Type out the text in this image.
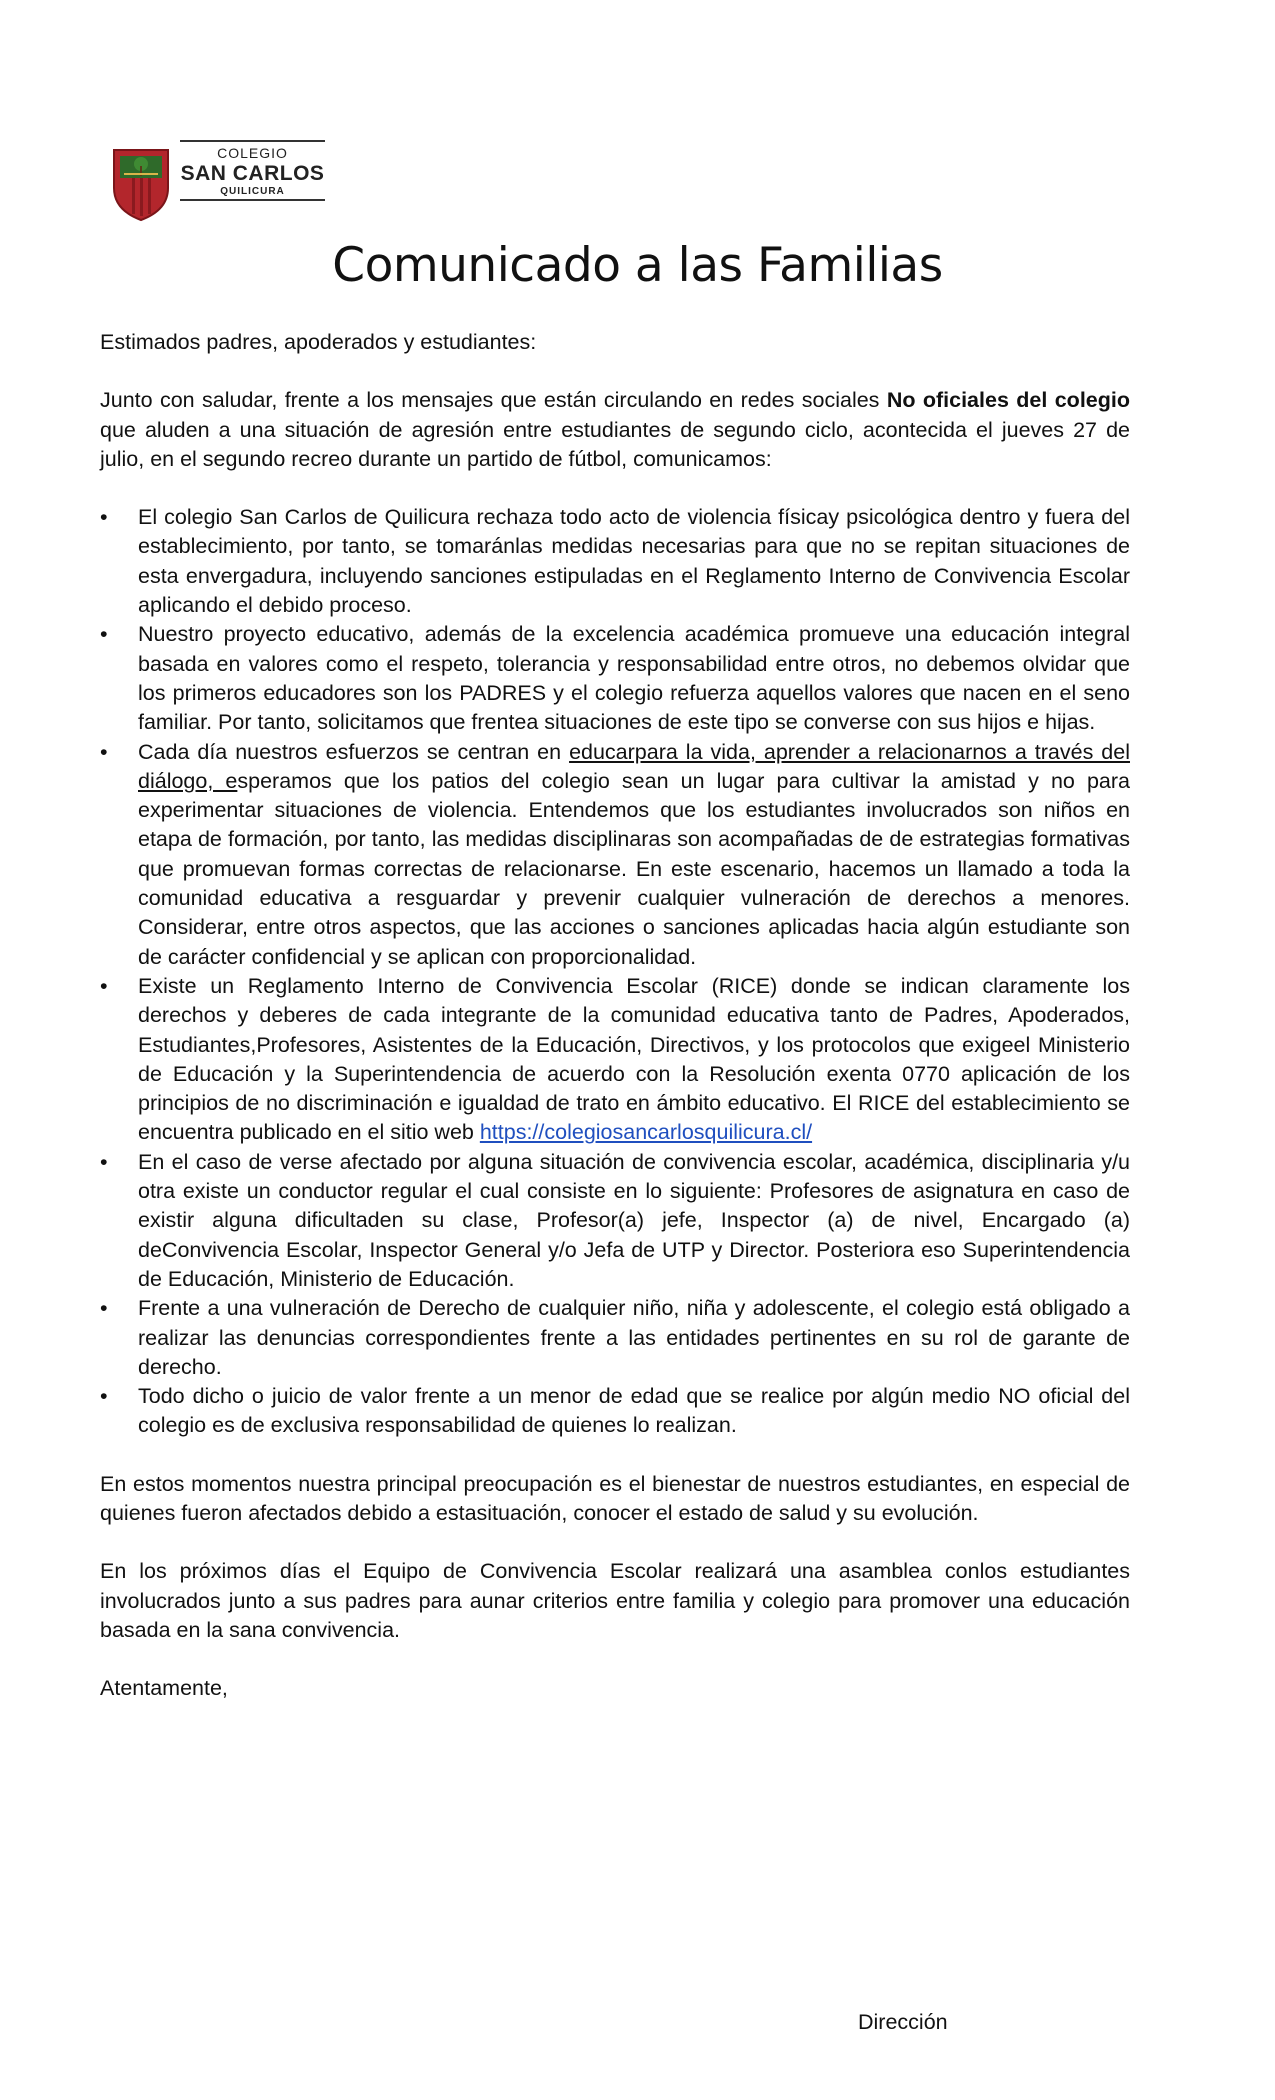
COLEGIO
SAN CARLOS
QUILICURA
Comunicado a las Familias

Estimados padres, apoderados y estudiantes:

Junto con saludar, frente a los mensajes que están circulando en redes sociales No oficiales del colegio que aluden a una situación de agresión entre estudiantes de segundo ciclo, acontecida el jueves 27 de julio, en el segundo recreo durante un partido de fútbol, comunicamos:

• El colegio San Carlos de Quilicura rechaza todo acto de violencia físicay psicológica dentro y fuera del establecimiento, por tanto, se tomaránlas medidas necesarias para que no se repitan situaciones de esta envergadura, incluyendo sanciones estipuladas en el Reglamento Interno de Convivencia Escolar aplicando el debido proceso.
• Nuestro proyecto educativo, además de la excelencia académica promueve una educación integral basada en valores como el respeto, tolerancia y responsabilidad entre otros, no debemos olvidar que los primeros educadores son los PADRES y el colegio refuerza aquellos valores que nacen en el seno familiar. Por tanto, solicitamos que frentea situaciones de este tipo se converse con sus hijos e hijas.
• Cada día nuestros esfuerzos se centran en educarpara la vida, aprender a relacionarnos a través del diálogo, esperamos que los patios del colegio sean un lugar para cultivar la amistad y no para experimentar situaciones de violencia. Entendemos que los estudiantes involucrados son niños en etapa de formación, por tanto, las medidas disciplinaras son acompañadas de de estrategias formativas que promuevan formas correctas de relacionarse. En este escenario, hacemos un llamado a toda la comunidad educativa a resguardar y prevenir cualquier vulneración de derechos a menores. Considerar, entre otros aspectos, que las acciones o sanciones aplicadas hacia algún estudiante son de carácter confidencial y se aplican con proporcionalidad.
• Existe un Reglamento Interno de Convivencia Escolar (RICE) donde se indican claramente los derechos y deberes de cada integrante de la comunidad educativa tanto de Padres, Apoderados, Estudiantes,Profesores, Asistentes de la Educación, Directivos, y los protocolos que exigeel Ministerio de Educación y la Superintendencia de acuerdo con la Resolución exenta 0770 aplicación de los principios de no discriminación e igualdad de trato en ámbito educativo. El RICE del establecimiento se encuentra publicado en el sitio web https://colegiosancarlosquilicura.cl/
• En el caso de verse afectado por alguna situación de convivencia escolar, académica, disciplinaria y/u otra existe un conductor regular el cual consiste en lo siguiente: Profesores de asignatura en caso de existir alguna dificultaden su clase, Profesor(a) jefe, Inspector (a) de nivel, Encargado (a) deConvivencia Escolar, Inspector General y/o Jefa de UTP y Director. Posteriora eso Superintendencia de Educación, Ministerio de Educación.
• Frente a una vulneración de Derecho de cualquier niño, niña y adolescente, el colegio está obligado a realizar las denuncias correspondientes frente a las entidades pertinentes en su rol de garante de derecho.
• Todo dicho o juicio de valor frente a un menor de edad que se realice por algún medio NO oficial del colegio es de exclusiva responsabilidad de quienes lo realizan.

En estos momentos nuestra principal preocupación es el bienestar de nuestros estudiantes, en especial de quienes fueron afectados debido a estasituación, conocer el estado de salud y su evolución.

En los próximos días el Equipo de Convivencia Escolar realizará una asamblea conlos estudiantes involucrados junto a sus padres para aunar criterios entre familia y colegio para promover una educación basada en la sana convivencia.

Atentamente,

Dirección
